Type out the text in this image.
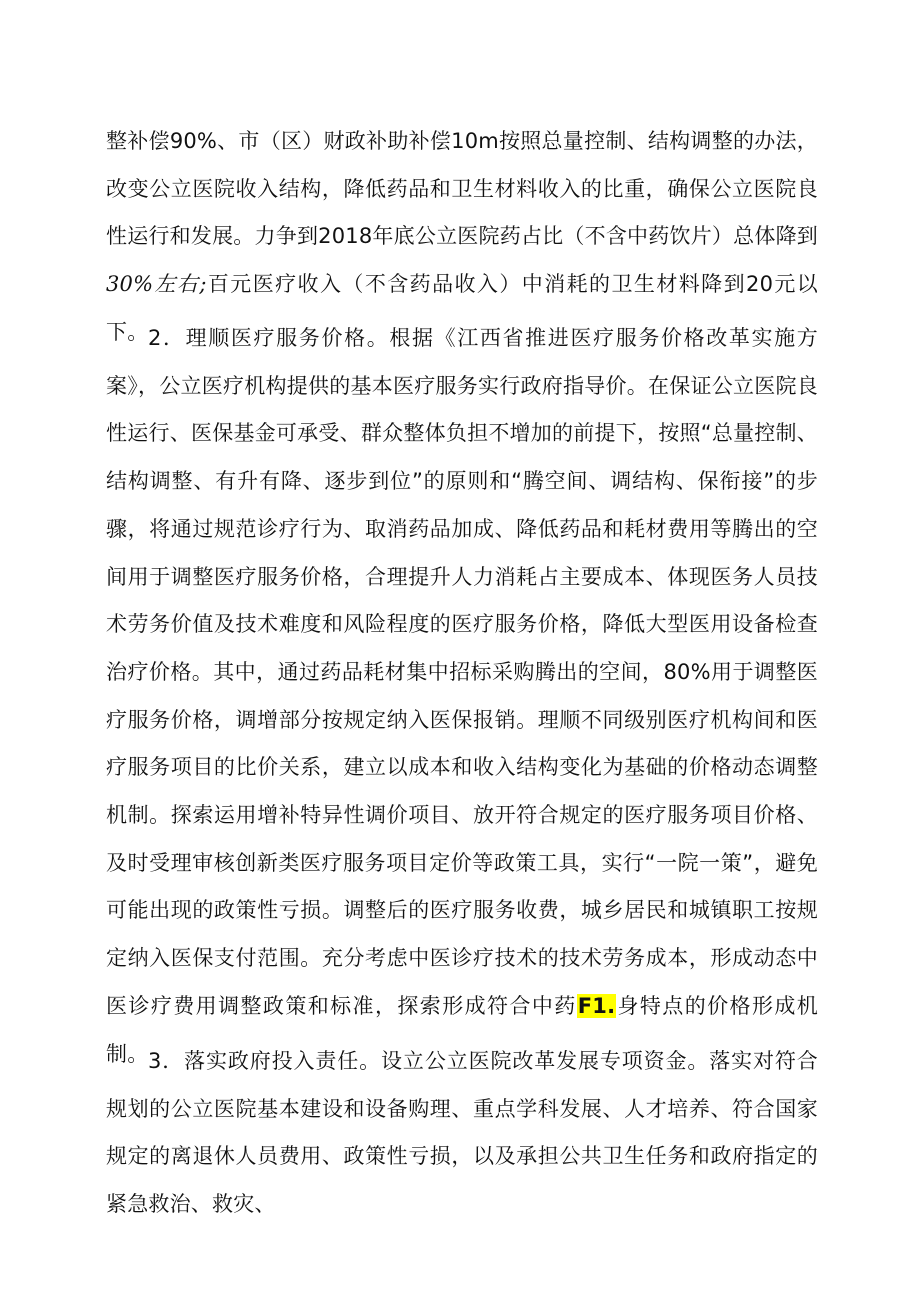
整补偿90%、市（区）财政补助补偿10m按照总量控制、结构调整的办法，改变公立医院收入结构，降低药品和卫生材料收入的比重，确保公立医院良性运行和发展。力争到2018年底公立医院药占比（不含中药饮片）总体降到30%左右;百元医疗收入（不含药品收入）中消耗的卫生材料降到20元以下。 2．理顺医疗服务价格。根据《江西省推进医疗服务价格改革实施方案》，公立医疗机构提供的基本医疗服务实行政府指导价。在保证公立医院良性运行、医保基金可承受、群众整体负担不增加的前提下，按照“总量控制、结构调整、有升有降、逐步到位”的原则和“腾空间、调结构、保衔接”的步骤，将通过规范诊疗行为、取消药品加成、降低药品和耗材费用等腾出的空间用于调整医疗服务价格，合理提升人力消耗占主要成本、体现医务人员技术劳务价值及技术难度和风险程度的医疗服务价格，降低大型医用设备检查治疗价格。其中，通过药品耗材集中招标采购腾出的空间，80%用于调整医疗服务价格，调增部分按规定纳入医保报销。理顺不同级别医疗机构间和医疗服务项目的比价关系，建立以成本和收入结构变化为基础的价格动态调整机制。探索运用增补特异性调价项目、放开符合规定的医疗服务项目价格、及时受理审核创新类医疗服务项目定价等政策工具，实行“一院一策”，避免可能出现的政策性亏损。调整后的医疗服务收费，城乡居民和城镇职工按规定纳入医保支付范围。充分考虑中医诊疗技术的技术劳务成本，形成动态中医诊疗费用调整政策和标准，探索形成符合中药F1.身特点的价格形成机制。 3．落实政府投入责任。设立公立医院改革发展专项资金。落实对符合规划的公立医院基本建设和设备购理、重点学科发展、人才培养、符合国家规定的离退休人员费用、政策性亏损，以及承担公共卫生任务和政府指定的紧急救治、救灾、
